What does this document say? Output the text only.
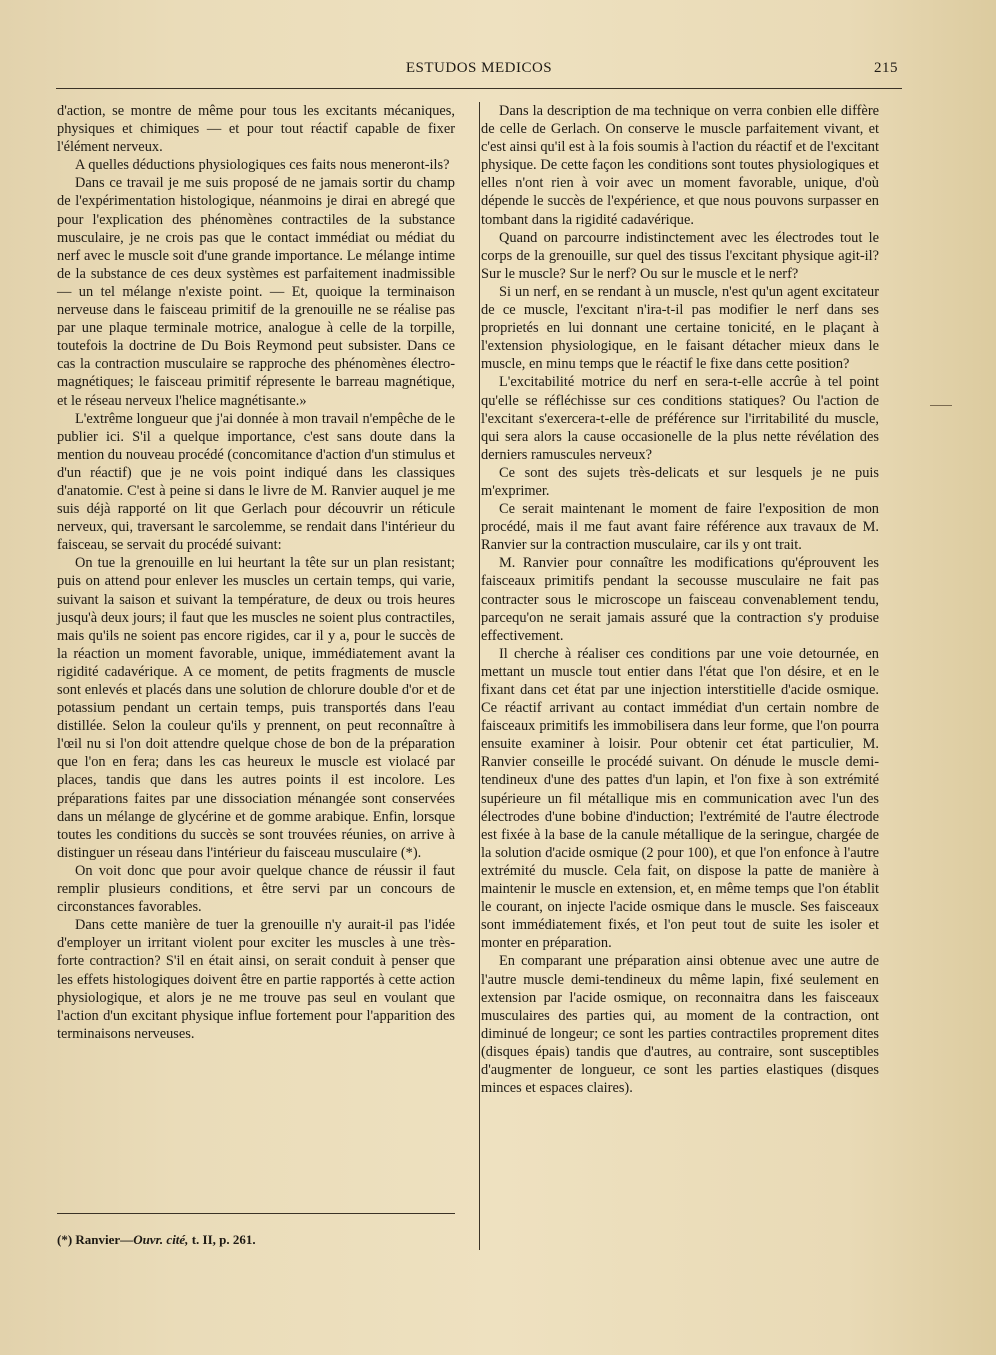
ESTUDOS MEDICOS	215

d'action, se montre de même pour tous les excitants mécaniques, physiques et chimiques — et pour tout réactif capable de fixer l'élément nerveux.

A quelles déductions physiologiques ces faits nous meneront-ils?

Dans ce travail je me suis proposé de ne jamais sortir du champ de l'expérimentation histologique, néanmoins je dirai en abregé que pour l'explication des phénomènes contractiles de la substance musculaire, je ne crois pas que le contact immédiat ou médiat du nerf avec le muscle soit d'une grande importance. Le mélange intime de la substance de ces deux systèmes est parfaitement inadmissible — un tel mélange n'existe point. — Et, quoique la terminaison nerveuse dans le faisceau primitif de la grenouille ne se réalise pas par une plaque terminale motrice, analogue à celle de la torpille, toutefois la doctrine de Du Bois Reymond peut subsister. Dans ce cas la contraction musculaire se rapproche des phénomènes électro-magnétiques; le faisceau primitif répresente le barreau magnétique, et le réseau nerveux l'helice magnétisante.»

L'extrême longueur que j'ai donnée à mon travail n'empêche de le publier ici. S'il a quelque importance, c'est sans doute dans la mention du nouveau procédé (concomitance d'action d'un stimulus et d'un réactif) que je ne vois point indiqué dans les classiques d'anatomie. C'est à peine si dans le livre de M. Ranvier auquel je me suis déjà rapporté on lit que Gerlach pour découvrir un réticule nerveux, qui, traversant le sarcolemme, se rendait dans l'intérieur du faisceau, se servait du procédé suivant:

On tue la grenouille en lui heurtant la tête sur un plan resistant; puis on attend pour enlever les muscles un certain temps, qui varie, suivant la saison et suivant la température, de deux ou trois heures jusqu'à deux jours; il faut que les muscles ne soient plus contractiles, mais qu'ils ne soient pas encore rigides, car il y a, pour le succès de la réaction un moment favorable, unique, immédiatement avant la rigidité cadavérique. A ce moment, de petits fragments de muscle sont enlevés et placés dans une solution de chlorure double d'or et de potassium pendant un certain temps, puis transportés dans l'eau distillée. Selon la couleur qu'ils y prennent, on peut reconnaître à l'œil nu si l'on doit attendre quelque chose de bon de la préparation que l'on en fera; dans les cas heureux le muscle est violacé par places, tandis que dans les autres points il est incolore. Les préparations faites par une dissociation ménangée sont conservées dans un mélange de glycérine et de gomme arabique. Enfin, lorsque toutes les conditions du succès se sont trouvées réunies, on arrive à distinguer un réseau dans l'intérieur du faisceau musculaire (*).

On voit donc que pour avoir quelque chance de réussir il faut remplir plusieurs conditions, et être servi par un concours de circonstances favorables.

Dans cette manière de tuer la grenouille n'y aurait-il pas l'idée d'employer un irritant violent pour exciter les muscles à une très-forte contraction? S'il en était ainsi, on serait conduit à penser que les effets histologiques doivent être en partie rapportés à cette action physiologique, et alors je ne me trouve pas seul en voulant que l'action d'un excitant physique influe fortement pour l'apparition des terminaisons nerveuses.

Dans la description de ma technique on verra conbien elle diffère de celle de Gerlach. On conserve le muscle parfaitement vivant, et c'est ainsi qu'il est à la fois soumis à l'action du réactif et de l'excitant physique. De cette façon les conditions sont toutes physiologiques et elles n'ont rien à voir avec un moment favorable, unique, d'où dépende le succès de l'expérience, et que nous pouvons surpasser en tombant dans la rigidité cadavérique.

Quand on parcourre indistinctement avec les électrodes tout le corps de la grenouille, sur quel des tissus l'excitant physique agit-il? Sur le muscle? Sur le nerf? Ou sur le muscle et le nerf?

Si un nerf, en se rendant à un muscle, n'est qu'un agent excitateur de ce muscle, l'excitant n'ira-t-il pas modifier le nerf dans ses proprietés en lui donnant une certaine tonicité, en le plaçant à l'extension physiologique, en le faisant détacher mieux dans le muscle, en minu temps que le réactif le fixe dans cette position?

L'excitabilité motrice du nerf en sera-t-elle accrûe à tel point qu'elle se réfléchisse sur ces conditions statiques? Ou l'action de l'excitant s'exercera-t-elle de préférence sur l'irritabilité du muscle, qui sera alors la cause occasionelle de la plus nette révélation des derniers ramuscules nerveux?

Ce sont des sujets très-delicats et sur lesquels je ne puis m'exprimer.

Ce serait maintenant le moment de faire l'exposition de mon procédé, mais il me faut avant faire référence aux travaux de M. Ranvier sur la contraction musculaire, car ils y ont trait.

M. Ranvier pour connaître les modifications qu'éprouvent les faisceaux primitifs pendant la secousse musculaire ne fait pas contracter sous le microscope un faisceau convenablement tendu, parcequ'on ne serait jamais assuré que la contraction s'y produise effectivement.

Il cherche à réaliser ces conditions par une voie detournée, en mettant un muscle tout entier dans l'état que l'on désire, et en le fixant dans cet état par une injection interstitielle d'acide osmique. Ce réactif arrivant au contact immédiat d'un certain nombre de faisceaux primitifs les immobilisera dans leur forme, que l'on pourra ensuite examiner à loisir. Pour obtenir cet état particulier, M. Ranvier conseille le procédé suivant. On dénude le muscle demi-tendineux d'une des pattes d'un lapin, et l'on fixe à son extrémité supérieure un fil métallique mis en communication avec l'un des électrodes d'une bobine d'induction; l'extrémité de l'autre électrode est fixée à la base de la canule métallique de la seringue, chargée de la solution d'acide osmique (2 pour 100), et que l'on enfonce à l'autre extrémité du muscle. Cela fait, on dispose la patte de manière à maintenir le muscle en extension, et, en même temps que l'on établit le courant, on injecte l'acide osmique dans le muscle. Ses faisceaux sont immédiatement fixés, et l'on peut tout de suite les isoler et monter en préparation.

En comparant une préparation ainsi obtenue avec une autre de l'autre muscle demi-tendineux du même lapin, fixé seulement en extension par l'acide osmique, on reconnaitra dans les faisceaux musculaires des parties qui, au moment de la contraction, ont diminué de longeur; ce sont les parties contractiles proprement dites (disques épais) tandis que d'autres, au contraire, sont susceptibles d'augmenter de longueur, ce sont les parties elastiques (disques minces et espaces claires).

(*) Ranvier—Ouvr. cité, t. II, p. 261.
